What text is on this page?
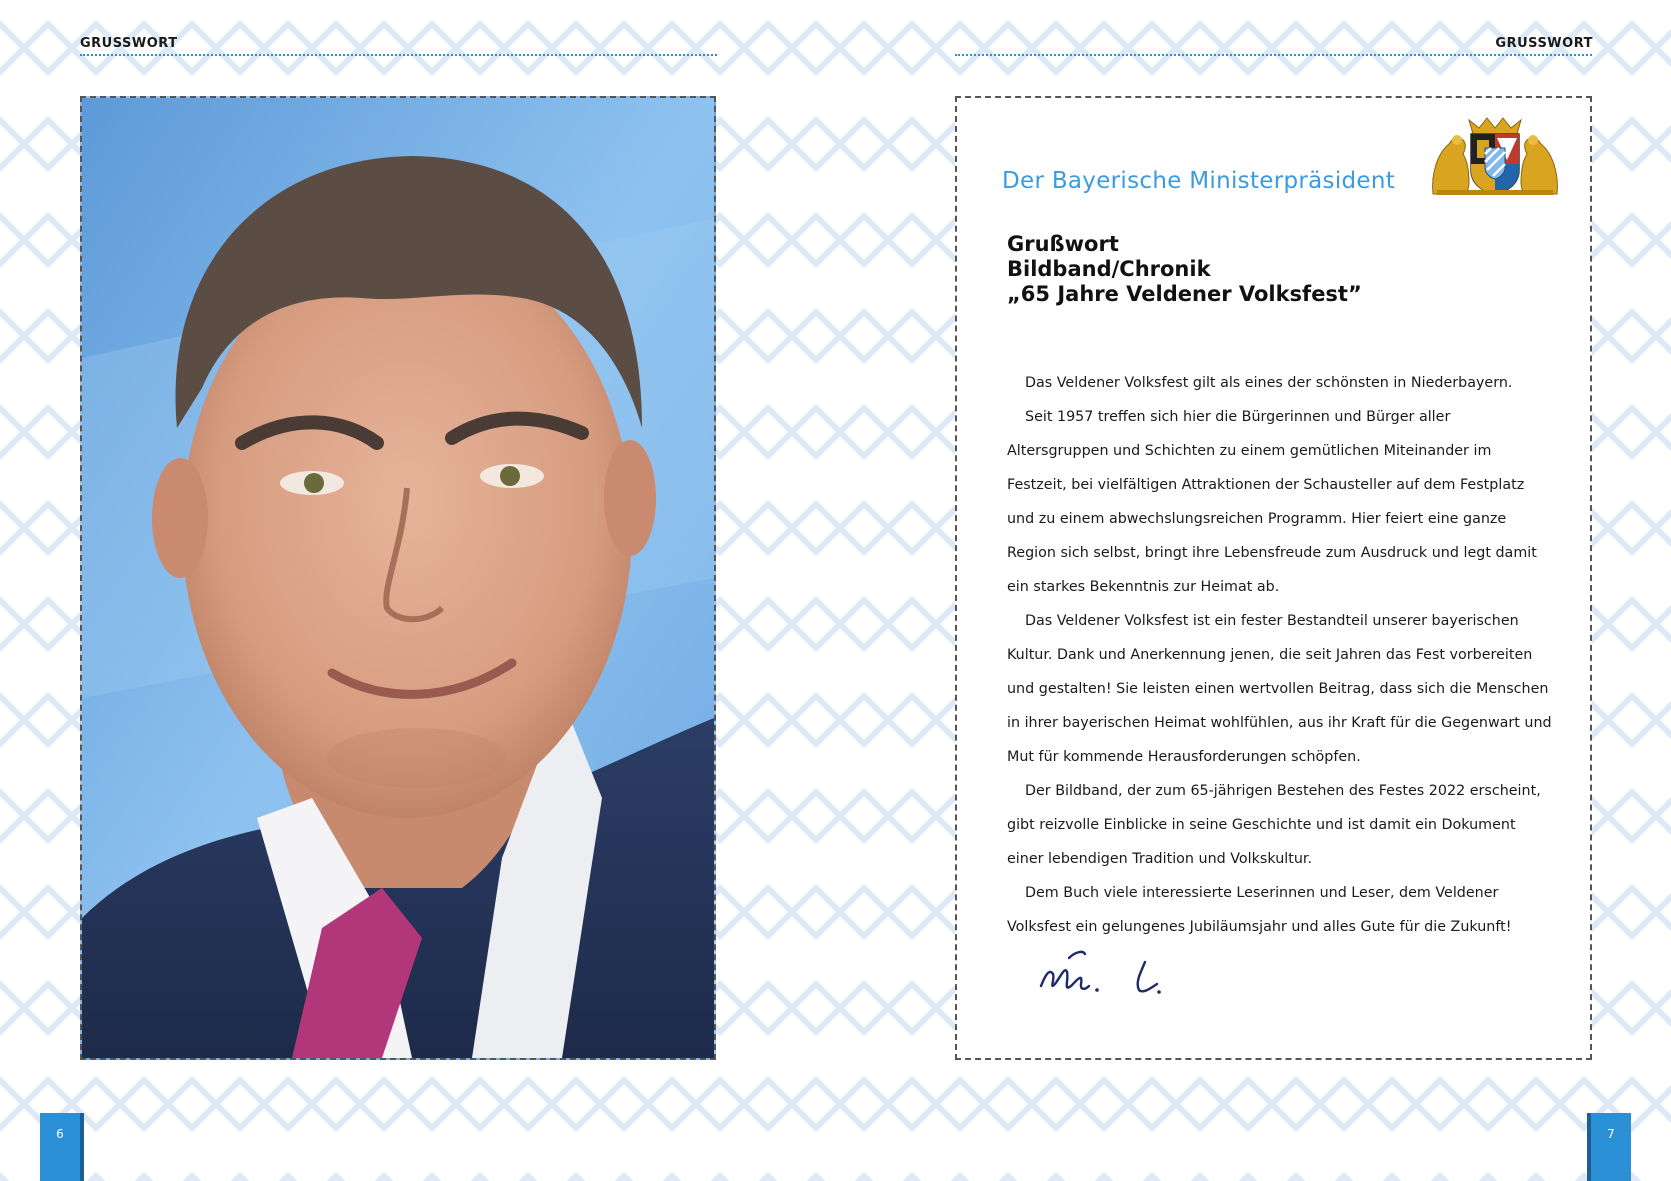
GRUSSWORT	GRUSSWORT
Der Bayerische Ministerpräsident
Grußwort
Bildband/Chronik
„65 Jahre Veldener Volksfest”

Das Veldener Volksfest gilt als eines der schönsten in Niederbayern.

Seit 1957 treffen sich hier die Bürgerinnen und Bürger aller Altersgruppen und Schichten zu einem gemütlichen Miteinander im Festzeit, bei vielfältigen Attraktionen der Schausteller auf dem Festplatz und zu einem abwechslungsreichen Programm. Hier feiert eine ganze Region sich selbst, bringt ihre Lebensfreude zum Ausdruck und legt damit ein starkes Bekenntnis zur Heimat ab.

Das Veldener Volksfest ist ein fester Bestandteil unserer bayerischen Kultur. Dank und Anerkennung jenen, die seit Jahren das Fest vorbereiten und gestalten! Sie leisten einen wertvollen Beitrag, dass sich die Menschen in ihrer bayerischen Heimat wohlfühlen, aus ihr Kraft für die Gegenwart und Mut für kommende Herausforderungen schöpfen.

Der Bildband, der zum 65-jährigen Bestehen des Festes 2022 erscheint, gibt reizvolle Einblicke in seine Geschichte und ist damit ein Dokument einer lebendigen Tradition und Volkskultur.

Dem Buch viele interessierte Leserinnen und Leser, dem Veldener Volksfest ein gelungenes Jubiläumsjahr und alles Gute für die Zukunft!

6	7
